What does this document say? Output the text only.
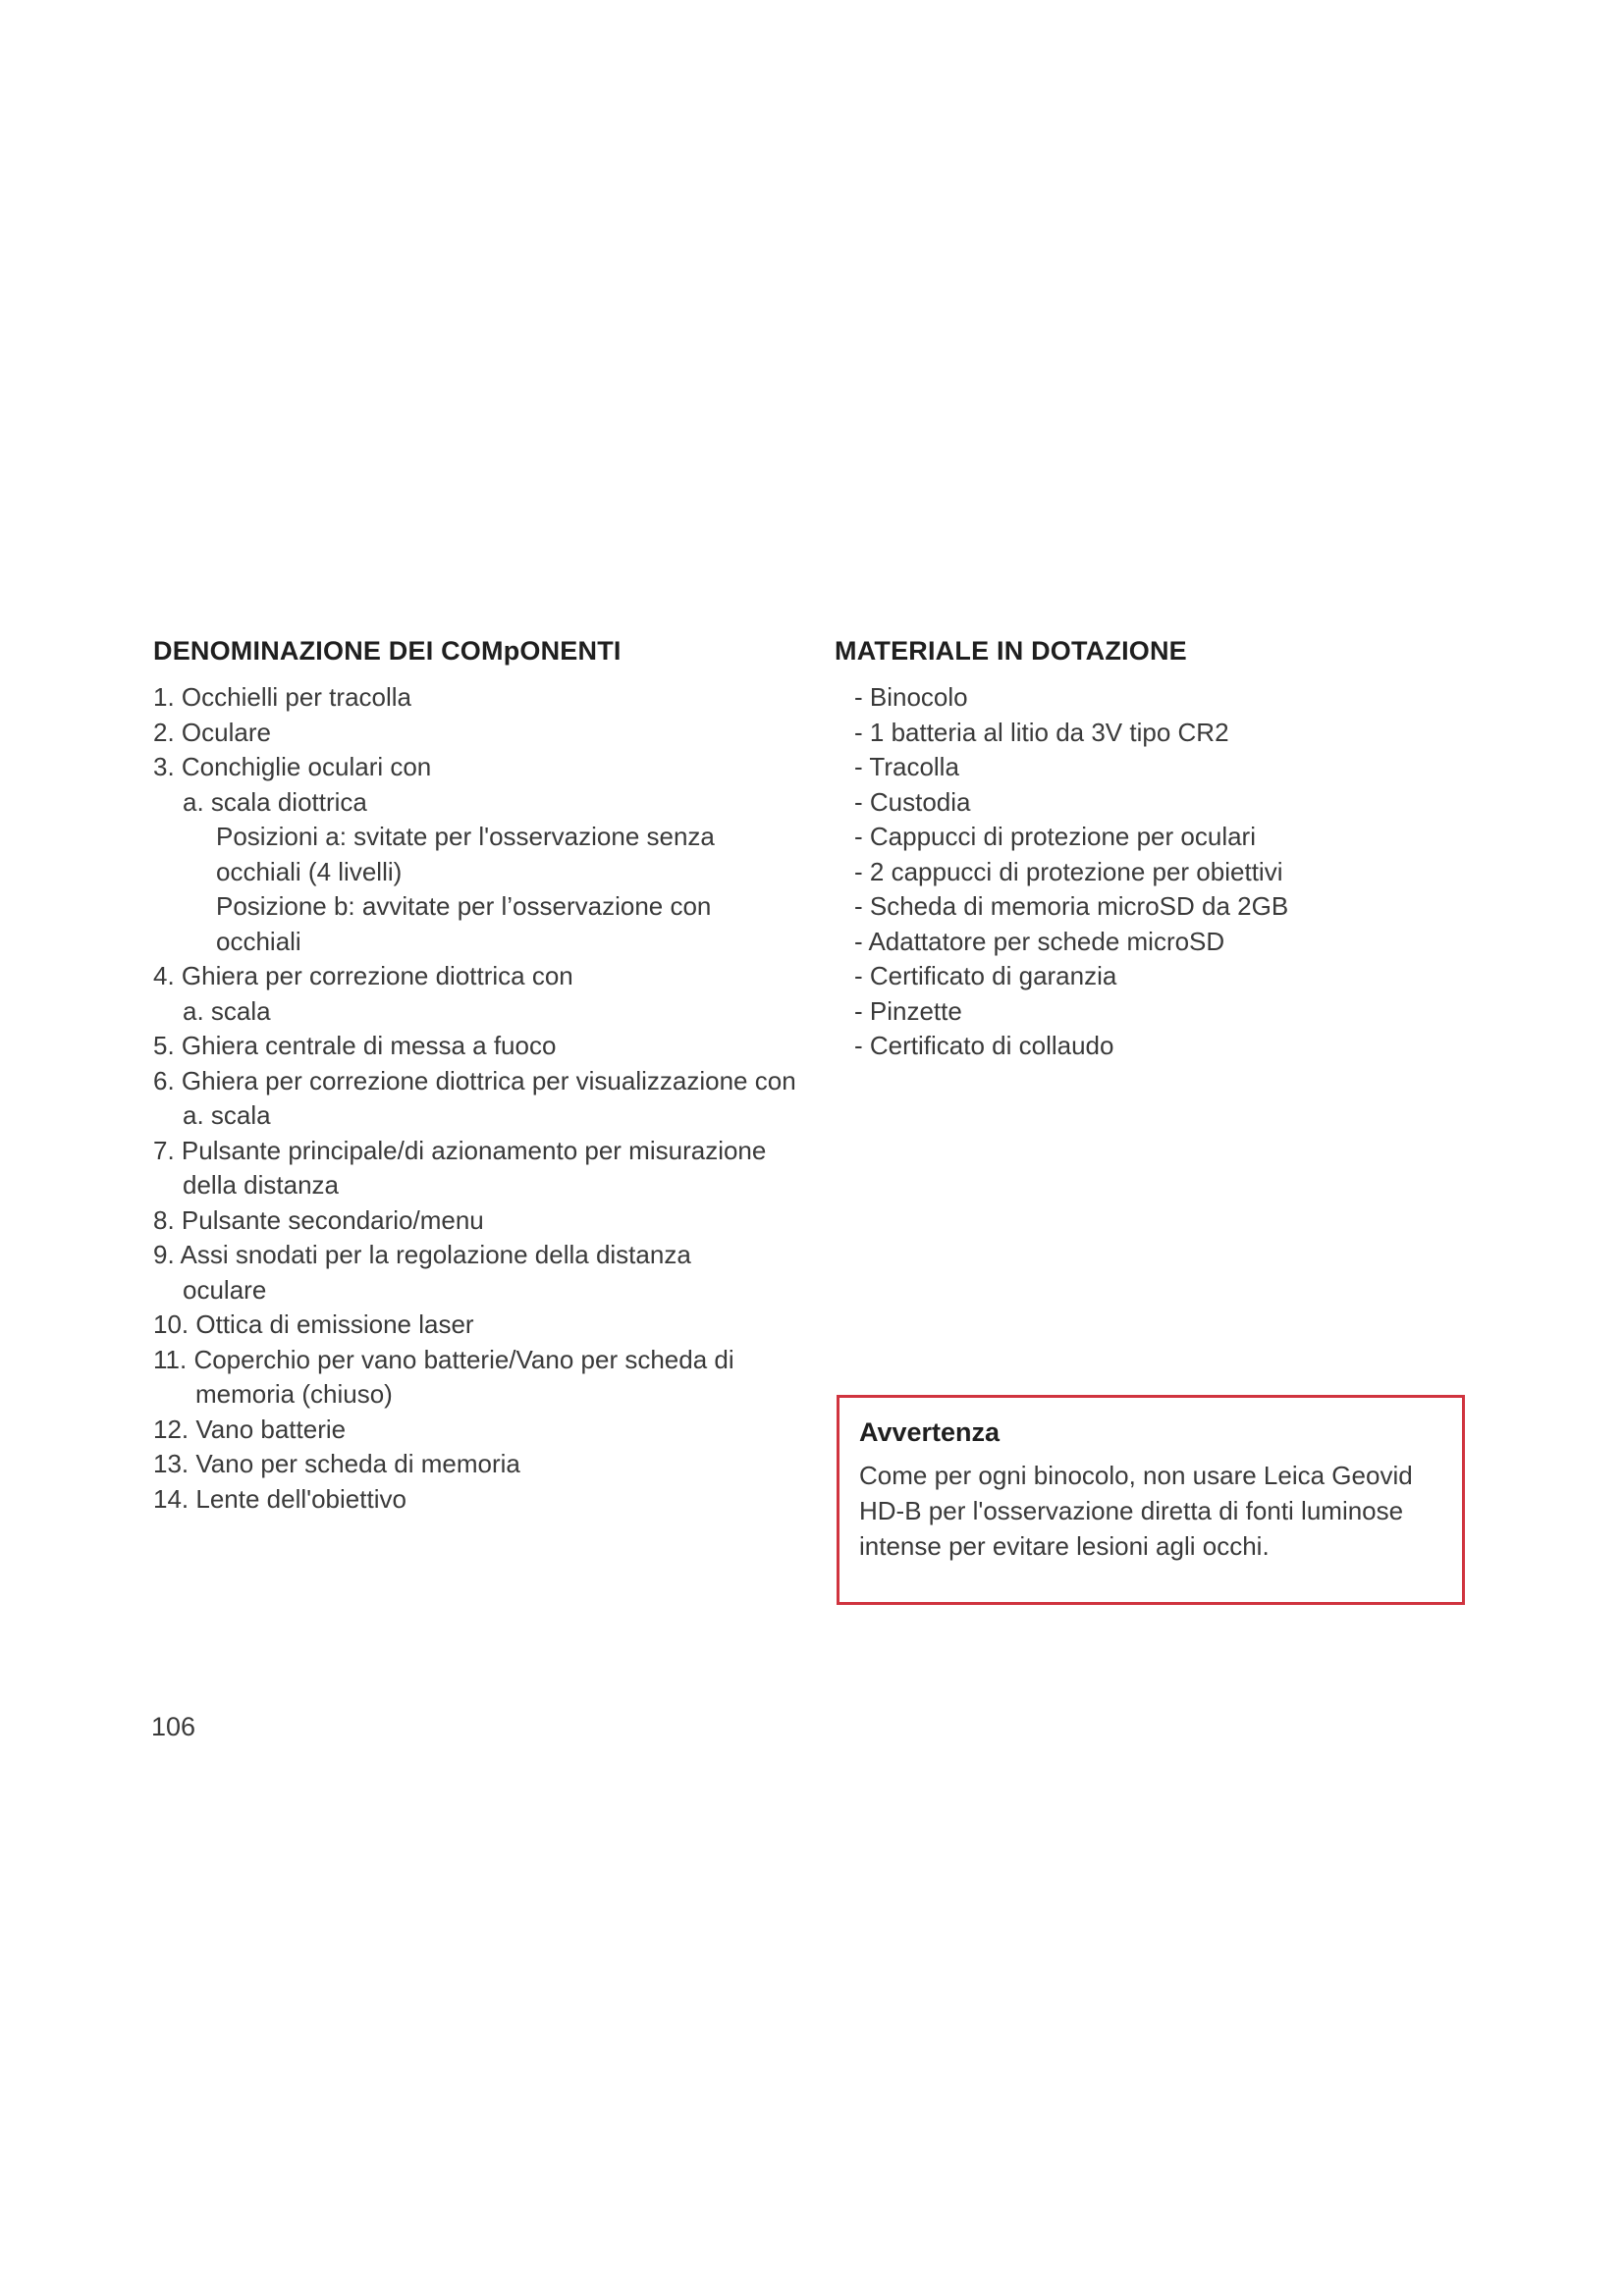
DENOMINAZIONE DEI COMpONENTI
1. Occhielli per tracolla
2. Oculare
3. Conchiglie oculari con
a. scala diottrica
Posizioni a: svitate per l'osservazione senza
occhiali (4 livelli)
Posizione b: avvitate per l’osservazione con
occhiali
4. Ghiera per correzione diottrica con
a. scala
5. Ghiera centrale di messa a fuoco
6. Ghiera per correzione diottrica per visualizzazione con
a. scala
7. Pulsante principale/di azionamento per misurazione
della distanza
8. Pulsante secondario/menu
9. Assi snodati per la regolazione della distanza
oculare
10. Ottica di emissione laser
11. Coperchio per vano batterie/Vano per scheda di
memoria (chiuso)
12. Vano batterie
13. Vano per scheda di memoria
14. Lente dell'obiettivo
MATERIALE IN DOTAZIONE
- Binocolo
- 1 batteria al litio da 3V tipo CR2
- Tracolla
- Custodia
- Cappucci di protezione per oculari
- 2 cappucci di protezione per obiettivi
- Scheda di memoria microSD da 2GB
- Adattatore per schede microSD
- Certificato di garanzia
- Pinzette
- Certificato di collaudo
Avvertenza
Come per ogni binocolo, non usare Leica Geovid
HD-B per l'osservazione diretta di fonti luminose
intense per evitare lesioni agli occhi.
106
